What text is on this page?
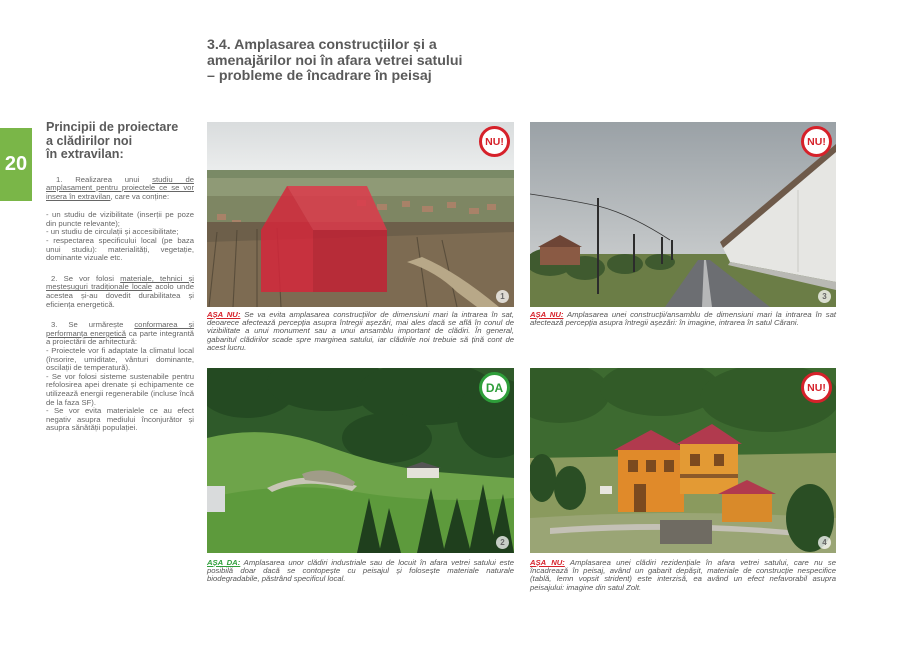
3.4. Amplasarea construcțiilor și a
amenajărilor noi în afara vetrei satului
– probleme de încadrare în peisaj
20
Principii de proiectare
a clădirilor noi
în extravilan:
1. Realizarea unui studiu de amplasament pentru proiectele ce se vor insera în extravilan, care va conține:
- un studiu de vizibilitate (inserții pe poze din puncte relevante);
- un studiu de circulații și accesibilitate;
- respectarea specificului local (pe baza unui studiu): materialități, vegetație, dominante vizuale etc.
2. Se vor folosi materiale, tehnici și meșteșuguri tradiționale locale acolo unde acestea și-au dovedit durabilitatea și eficiența energetică.
3. Se urmărește conformarea și performanța energetică ca parte integrantă a proiectării de arhitectură:
- Proiectele vor fi adaptate la climatul local (însorire, umiditate, vânturi dominante, oscilații de temperatură).
- Se vor folosi sisteme sustenabile pentru refolosirea apei drenate și echipamente ce utilizează energii regenerabile (incluse încă de la faza SF).
- Se vor evita materialele ce au efect negativ asupra mediului înconjurător și asupra sănătății populației.
NU!
1
AȘA NU: Se va evita amplasarea construcțiilor de dimensiuni mari la intrarea în sat, deoarece afectează percepția asupra întregii așezări, mai ales dacă se află în conul de vizibilitate a unui monument sau a unui ansamblu important de clădiri. În general, gabaritul clădirilor scade spre marginea satului, iar clădirile noi trebuie să țină cont de acest lucru.
NU!
3
AȘA NU: Amplasarea unei construcții/ansamblu de dimensiuni mari la intrarea în sat afectează percepția asupra întregii așezări: în imagine, intrarea în satul Cărani.
DA
2
AȘA DA: Amplasarea unor clădiri industriale sau de locuit în afara vetrei satului este posibilă doar dacă se contopește cu peisajul și folosește materiale naturale biodegradabile, păstrând specificul local.
NU!
4
AȘA NU: Amplasarea unei clădiri rezidențiale în afara vetrei satului, care nu se încadrează în peisaj, având un gabarit depășit, materiale de construcție nespecifice (tablă, lemn vopsit strident) este interzisă, ea având un efect nefavorabil asupra peisajului: imagine din satul Zolt.
